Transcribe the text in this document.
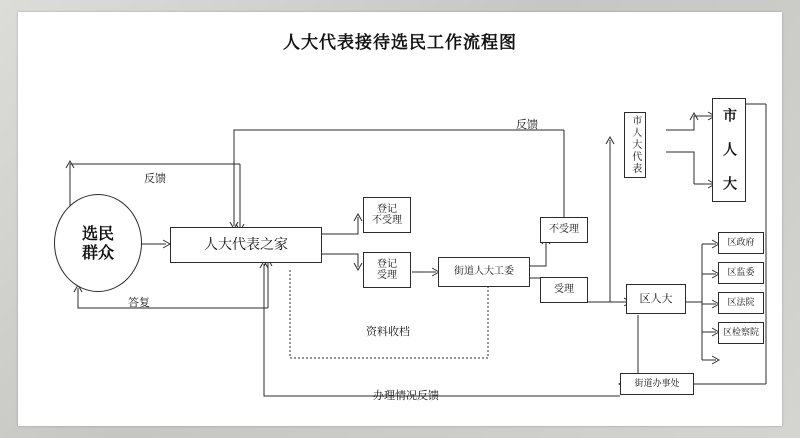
人大代表接待选民工作流程图
选民
群众	人大代表之家
登记
不受理
登记
受理	街道人大工委
不受理
受理
市人大代表	市 人 大
区人大
区政府
区监委
区法院
区检察院
街道办事处
反馈
反馈
答复
资料收档
办理情况反馈
